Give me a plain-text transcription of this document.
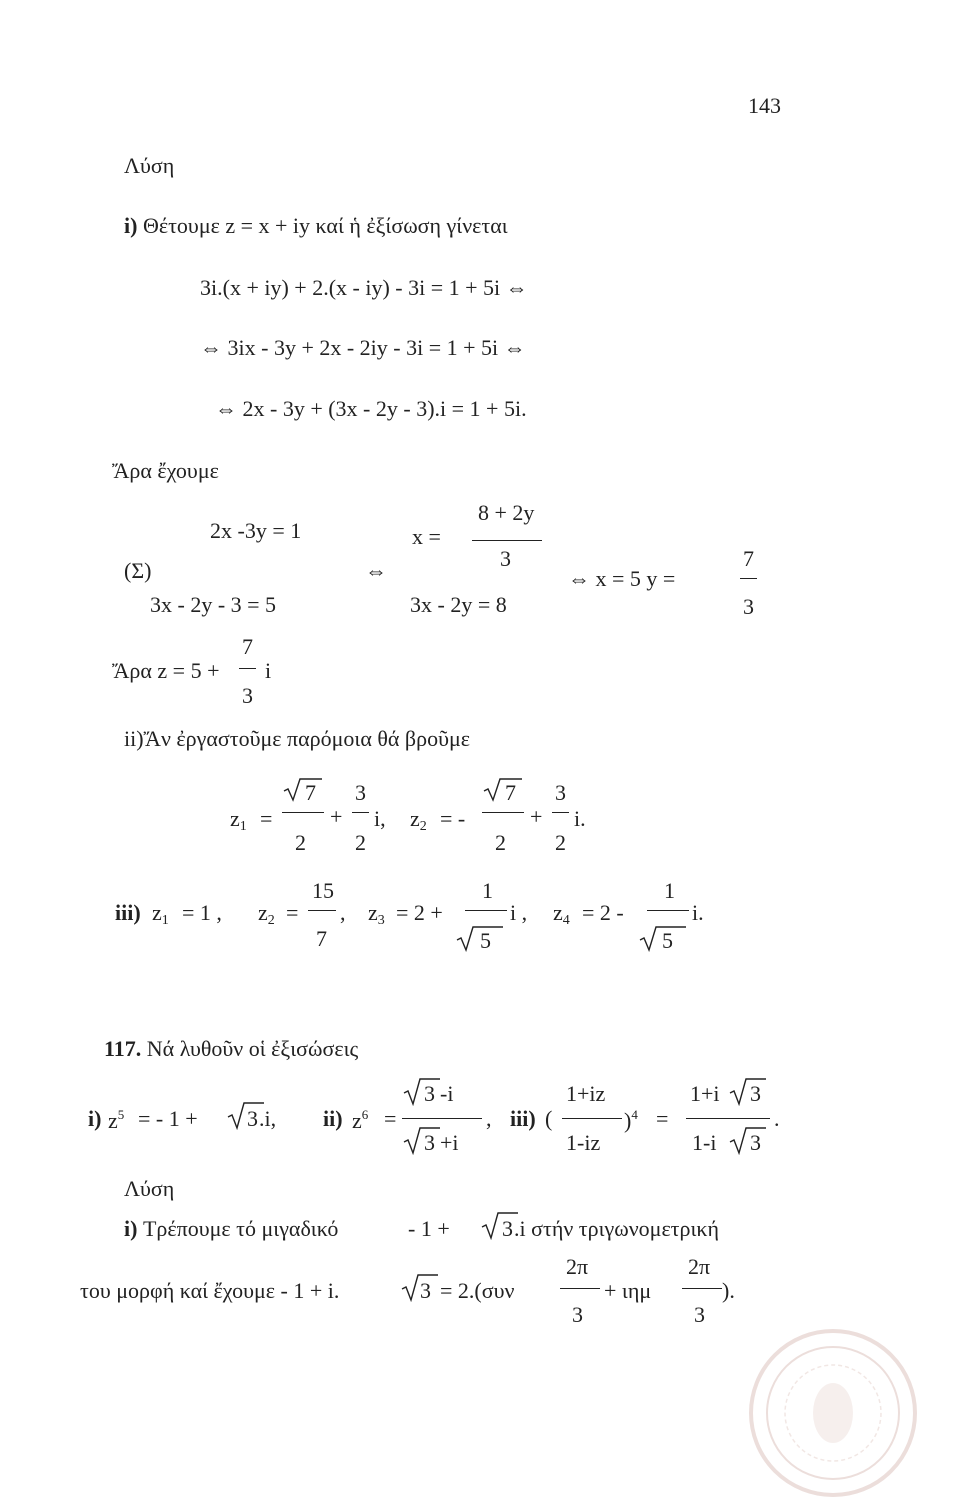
143
Λύση
i) Θέτουμε z = x + iy καί ἡ ἐξίσωση γίνεται
3i.(x + iy) + 2.(x - iy) - 3i = 1 + 5i ⇔
⇔ 3ix - 3y + 2x - 2iy - 3i = 1 + 5i ⇔
⇔ 2x - 3y + (3x - 2y - 3).i = 1 + 5i.
Ἄρα ἔχουμε
2x -3y = 1
(Σ)
3x - 2y - 3 = 5
⇔
x =
8 + 2y
3
3x - 2y = 8
⇔ x = 5 y =
7
3
Ἄρα z = 5 +
7
3
i
ii)Ἄν ἐργαστοῦμε παρόμοια θά βροῦμε
$z_1$ =
7
2
+
3
2
i, $z_2$ = -
7
2
+
3
2
i.
iii) $z_1 = 1$ , $z_2$ =
15
7
, $z_3 = 2$ +
1
5
i , $z_4 = 2$ -
1
5
i.
117. Νά λυθοῦν οἱ ἐξισώσεις
i) $z^5$ = - 1 + 3 .i, ii) $z^6$ =
3 -i
3 +i
, iii) (
1+iz
1-iz
)$^4$ =
1+i 3
1-i 3
.
Λύση
i) Τρέπουμε τό μιγαδικό	- 1 + 3 .i στήν τριγωνομετρική
του μορφή καί ἔχουμε - 1 + i.	3 = 2.(συν
2π
3
+ ιημ
2π
3
).
